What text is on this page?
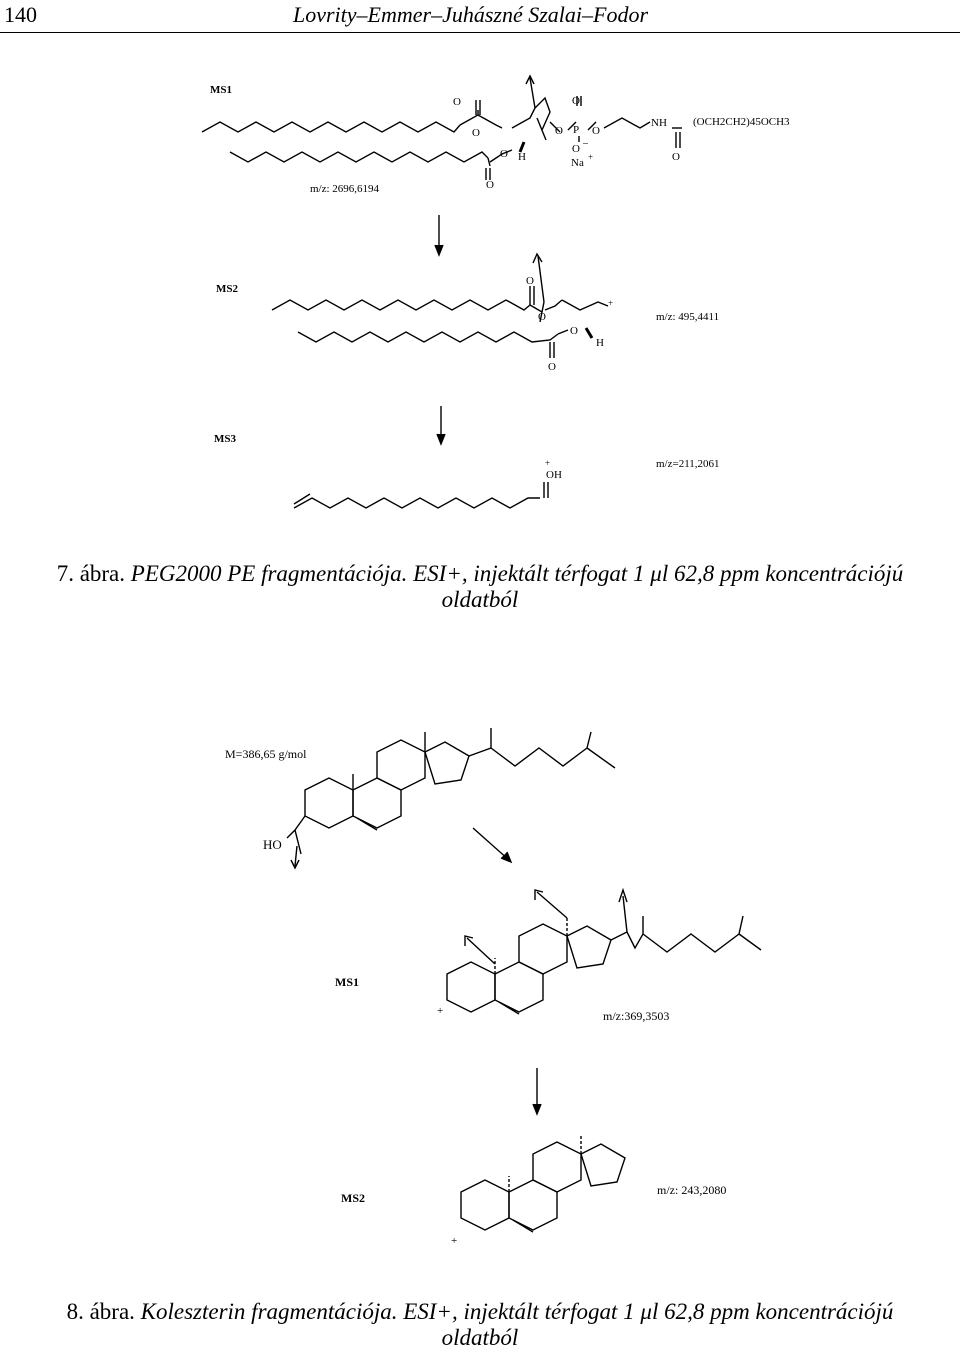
140	Lovrity–Emmer–Juhászné Szalai–Fodor
MS1
O
O
O
O H
O
O P O
O –
Na +
NH
O
(OCH2CH2)45OCH3
m/z: 2696,6194
MS2
O
O
O
O
H
+
m/z: 495,4411
MS3
+
OH
m/z=211,2061
7. ábra. PEG2000 PE fragmentációja. ESI+, injektált térfogat 1 μl 62,8 ppm koncentrációjú oldatból
M=386,65 g/mol
HO
MS1
+	m/z:369,3503
MS2
+
m/z: 243,2080
8. ábra. Koleszterin fragmentációja. ESI+, injektált térfogat 1 μl 62,8 ppm koncentrációjú oldatból
